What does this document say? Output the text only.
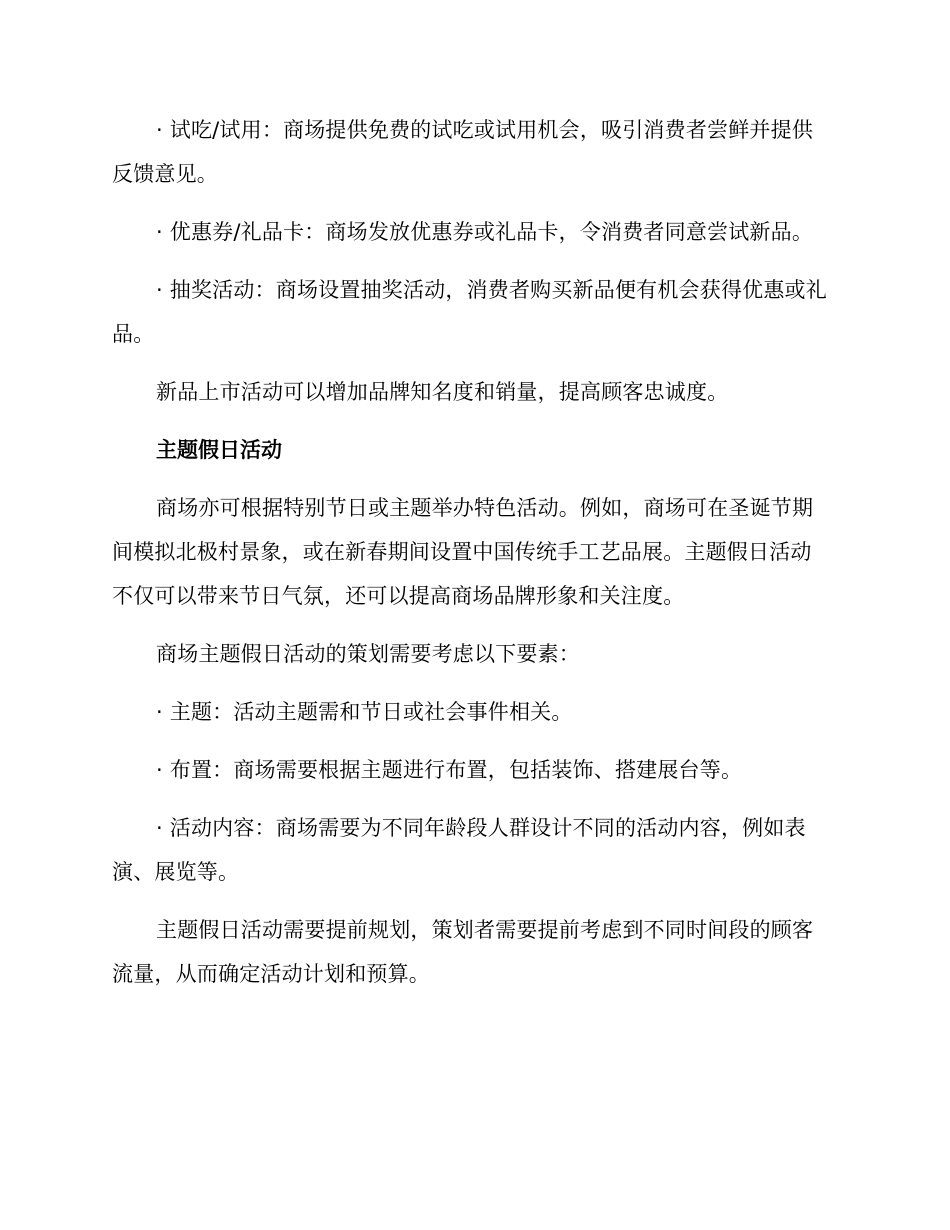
· 试吃/试用：商场提供免费的试吃或试用机会，吸引消费者尝鲜并提供反馈意见。

· 优惠券/礼品卡：商场发放优惠券或礼品卡，令消费者同意尝试新品。

· 抽奖活动：商场设置抽奖活动，消费者购买新品便有机会获得优惠或礼品。

新品上市活动可以增加品牌知名度和销量，提高顾客忠诚度。

主题假日活动

商场亦可根据特别节日或主题举办特色活动。例如，商场可在圣诞节期间模拟北极村景象，或在新春期间设置中国传统手工艺品展。主题假日活动不仅可以带来节日气氛，还可以提高商场品牌形象和关注度。

商场主题假日活动的策划需要考虑以下要素：

· 主题：活动主题需和节日或社会事件相关。

· 布置：商场需要根据主题进行布置，包括装饰、搭建展台等。

· 活动内容：商场需要为不同年龄段人群设计不同的活动内容，例如表演、展览等。

主题假日活动需要提前规划，策划者需要提前考虑到不同时间段的顾客流量，从而确定活动计划和预算。
